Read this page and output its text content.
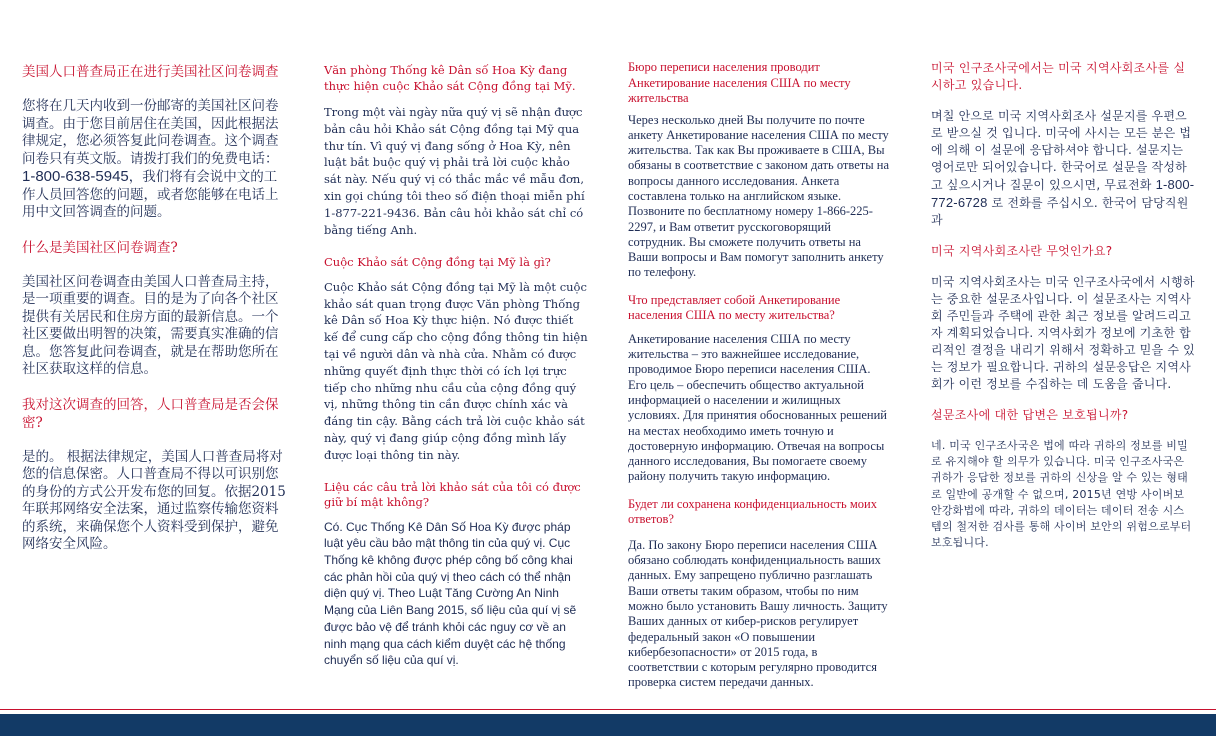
美国人口普查局正在进行美国社区问卷调查

您将在几天内收到一份邮寄的美国社区问卷调查。由于您目前居住在美国，因此根据法律规定，您必须答复此问卷调查。这个调查问卷只有英文版。请拨打我们的免费电话：1-800-638-5945，我们将有会说中文的工作人员回答您的问题，或者您能够在电话上用中文回答调查的问题。

什么是美国社区问卷调查?

美国社区问卷调查由美国人口普查局主持，是一项重要的调查。目的是为了向各个社区提供有关居民和住房方面的最新信息。一个社区要做出明智的决策，需要真实准确的信息。您答复此问卷调查，就是在帮助您所在社区获取这样的信息。

我对这次调查的回答，人口普查局是否会保密?

是的。 根据法律规定，美国人口普查局将对您的信息保密。人口普查局不得以可识别您的身份的方式公开发布您的回复。依据2015年联邦网络安全法案，通过监察传输您资料的系统，来确保您个人资料受到保护，避免网络安全风险。

Văn phòng Thống kê Dân số Hoa Kỳ đang thực hiện cuộc Khảo sát Cộng đồng tại Mỹ.

Trong một vài ngày nữa quý vị sẽ nhận được bản câu hỏi Khảo sát Cộng đồng tại Mỹ qua thư tín. Vì quý vị đang sống ở Hoa Kỳ, nên luật bắt buộc quý vị phải trả lời cuộc khảo sát này. Nếu quý vị có thắc mắc về mẫu đơn, xin gọi chúng tôi theo số điện thoại miễn phí 1-877-221-9436. Bản câu hỏi khảo sát chỉ có bằng tiếng Anh.

Cuộc Khảo sát Cộng đồng tại Mỹ là gì?

Cuộc Khảo sát Cộng đồng tại Mỹ là một cuộc khảo sát quan trọng được Văn phòng Thống kê Dân số Hoa Kỳ thực hiện. Nó được thiết kế để cung cấp cho cộng đồng thông tin hiện tại về người dân và nhà cửa. Nhằm có được những quyết định thực thời có ích lợi trực tiếp cho những nhu cầu của cộng đồng quý vị, những thông tin cần được chính xác và đáng tin cậy. Bằng cách trả lời cuộc khảo sát này, quý vị đang giúp cộng đồng mình lấy được loại thông tin này.

Liệu các câu trả lời khảo sát của tôi có được giữ bí mật không?

Có. Cục Thống Kê Dân Số Hoa Kỳ được pháp luật yêu cầu bảo mật thông tin của quý vị. Cục Thống kê không được phép công bố công khai các phản hồi của quý vị theo cách có thể nhận diện quý vị. Theo Luật Tăng Cường An Ninh Mạng của Liên Bang 2015, số liệu của quí vị sẽ được bảo vệ để tránh khỏi các nguy cơ về an ninh mạng qua cách kiểm duyệt các hệ thống chuyển số liệu của quí vị.

Бюро переписи населения проводит Анкетирование населения США по месту жительства

Через несколько дней Вы получите по почте анкету Анкетирование населения США по месту жительства. Так как Вы проживаете в США, Вы обязаны в соответствие с законом дать ответы на вопросы данного исследования. Анкета составлена только на английском языке. Позвоните по бесплатному номеру 1-866-225-2297, и Вам ответит русскоговорящий сотрудник. Вы сможете получить ответы на Ваши вопросы и Вам помогут заполнить анкету по телефону.

Что представляет собой Анкетирование населения США по месту жительства?

Анкетирование населения США по месту жительства – это важнейшее исследование, проводимое Бюро переписи населения США. Его цель – обеспечить общество актуальной информацией о населении и жилищных условиях. Для принятия обоснованных решений на местах необходимо иметь точную и достоверную информацию. Отвечая на вопросы данного исследования, Вы помогаете своему району получить такую информацию.

Будет ли сохранена конфиденциальность моих ответов?

Да. По закону Бюро переписи населения США обязано соблюдать конфиденциальность ваших данных. Ему запрещено публично разглашать Ваши ответы таким образом, чтобы по ним можно было установить Вашу личность. Защиту Ваших данных от кибер-рисков регулирует федеральный закон «О повышении кибербезопасности» от 2015 года, в соответствии с которым регулярно проводится проверка систем передачи данных.

미국 인구조사국에서는 미국 지역사회조사를 실시하고 있습니다.

며칠 안으로 미국 지역사회조사 설문지를 우편으로 받으실 것 입니다. 미국에 사시는 모든 분은 법에 의해 이 설문에 응답하셔야 합니다. 설문지는 영어로만 되어있습니다. 한국어로 설문을 작성하고 싶으시거나 질문이 있으시면, 무료전화 1-800-772-6728 로 전화를 주십시오. 한국어 담당직원과

미국 지역사회조사란 무엇인가요?

미국 지역사회조사는 미국 인구조사국에서 시행하는 중요한 설문조사입니다. 이 설문조사는 지역사회 주민들과 주택에 관한 최근 정보를 알려드리고자 계획되었습니다. 지역사회가 정보에 기초한 합리적인 결정을 내리기 위해서 정확하고 믿을 수 있는 정보가 필요합니다. 귀하의 설문응답은 지역사회가 이런 정보를 수집하는 데 도움을 줍니다.

설문조사에 대한 답변은 보호됩니까?

네. 미국 인구조사국은 법에 따라 귀하의 정보를 비밀로 유지해야 할 의무가 있습니다. 미국 인구조사국은 귀하가 응답한 정보를 귀하의 신상을 알 수 있는 형태로 일반에 공개할 수 없으며, 2015년 연방 사이버보안강화법에 따라, 귀하의 데이터는 데이터 전송 시스템의 철저한 검사를 통해 사이버 보안의 위험으로부터 보호됩니다.
